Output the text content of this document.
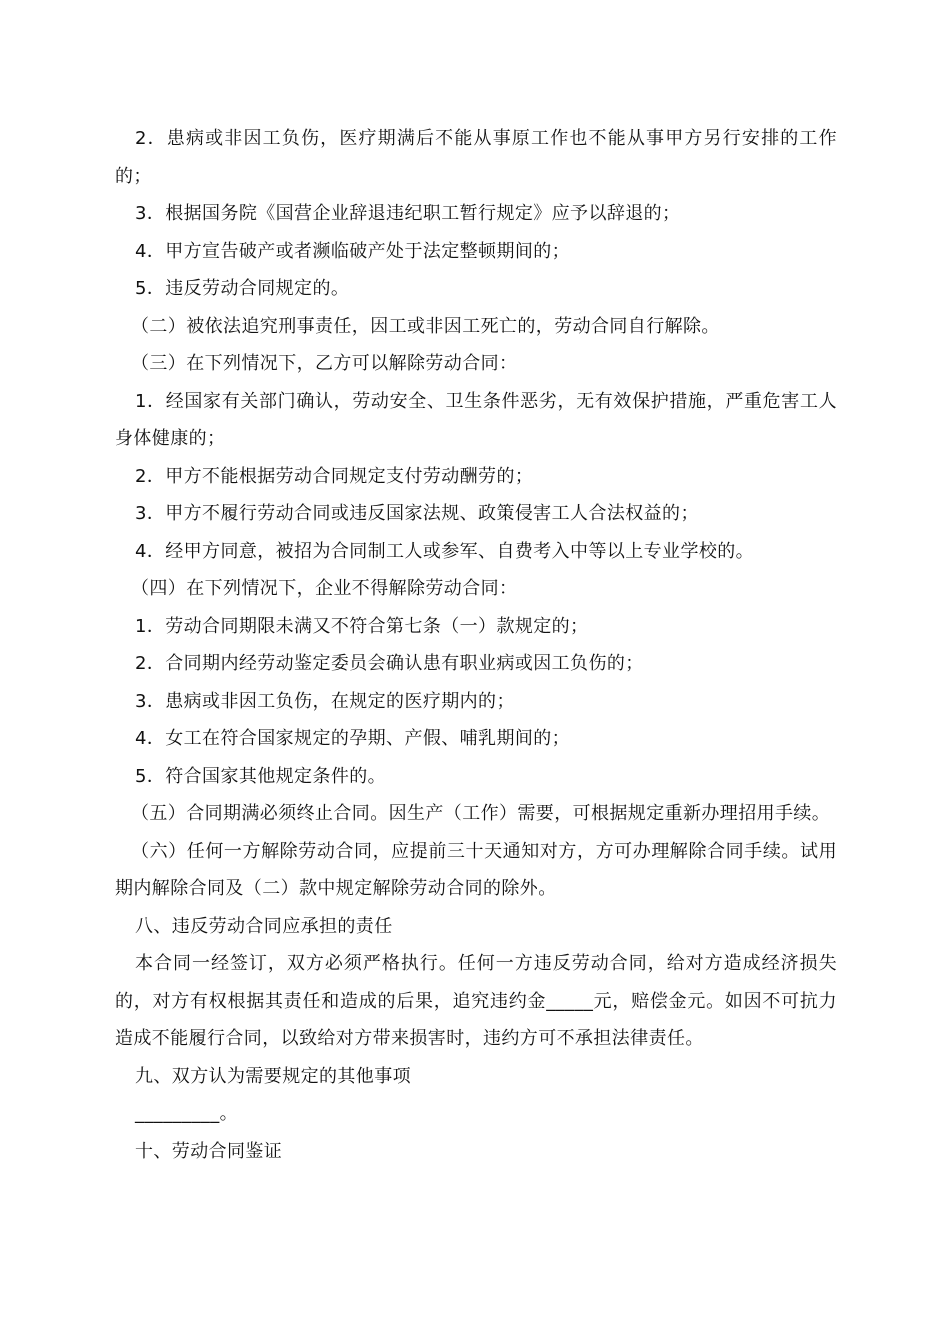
2．患病或非因工负伤，医疗期满后不能从事原工作也不能从事甲方另行安排的工作的；

3．根据国务院《国营企业辞退违纪职工暂行规定》应予以辞退的；

4．甲方宣告破产或者濒临破产处于法定整顿期间的；

5．违反劳动合同规定的。

（二）被依法追究刑事责任，因工或非因工死亡的，劳动合同自行解除。

（三）在下列情况下，乙方可以解除劳动合同：

1．经国家有关部门确认，劳动安全、卫生条件恶劣，无有效保护措施，严重危害工人身体健康的；

2．甲方不能根据劳动合同规定支付劳动酬劳的；

3．甲方不履行劳动合同或违反国家法规、政策侵害工人合法权益的；

4．经甲方同意，被招为合同制工人或参军、自费考入中等以上专业学校的。

（四）在下列情况下，企业不得解除劳动合同：

1．劳动合同期限未满又不符合第七条（一）款规定的；

2．合同期内经劳动鉴定委员会确认患有职业病或因工负伤的；

3．患病或非因工负伤，在规定的医疗期内的；

4．女工在符合国家规定的孕期、产假、哺乳期间的；

5．符合国家其他规定条件的。

（五）合同期满必须终止合同。因生产（工作）需要，可根据规定重新办理招用手续。

（六）任何一方解除劳动合同，应提前三十天通知对方，方可办理解除合同手续。试用期内解除合同及（二）款中规定解除劳动合同的除外。

八、违反劳动合同应承担的责任

本合同一经签订，双方必须严格执行。任何一方违反劳动合同，给对方造成经济损失的，对方有权根据其责任和造成的后果，追究违约金_____元，赔偿金元。如因不可抗力造成不能履行合同，以致给对方带来损害时，违约方可不承担法律责任。

九、双方认为需要规定的其他事项

_________。

十、劳动合同鉴证
